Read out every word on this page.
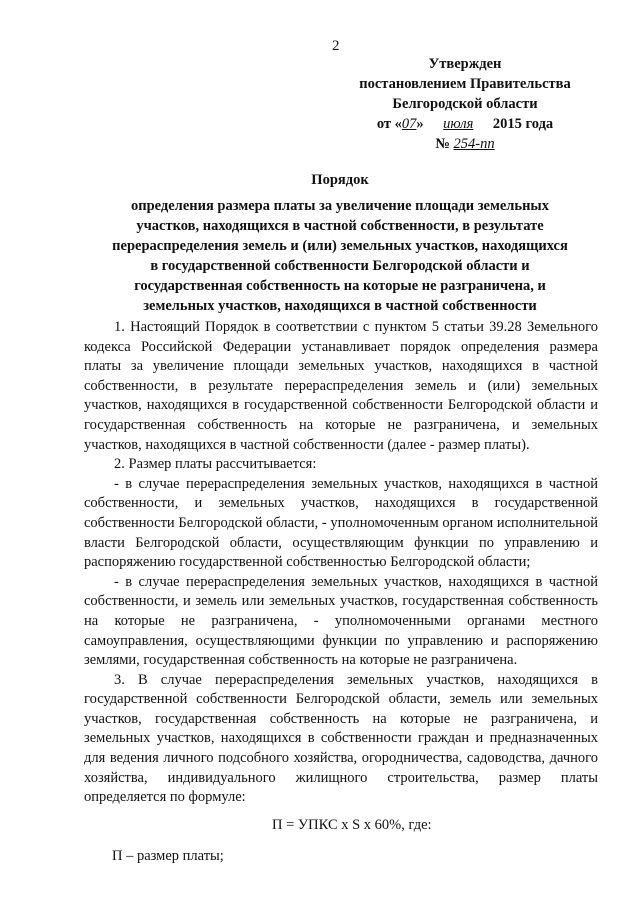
2
Утвержден
постановлением Правительства
Белгородской области
от «07» июля 2015 года
№ 254-пп
Порядок
определения размера платы за увеличение площади земельных
участков, находящихся в частной собственности, в результате
перераспределения земель и (или) земельных участков, находящихся
в государственной собственности Белгородской области и
государственная собственность на которые не разграничена, и
земельных участков, находящихся в частной собственности

1. Настоящий Порядок в соответствии с пунктом 5 статьи 39.28 Земельного кодекса Российской Федерации устанавливает порядок определения размера платы за увеличение площади земельных участков, находящихся в частной собственности, в результате перераспределения земель и (или) земельных участков, находящихся в государственной собственности Белгородской области и государственная собственность на которые не разграничена, и земельных участков, находящихся в частной собственности (далее - размер платы).

2. Размер платы рассчитывается:

- в случае перераспределения земельных участков, находящихся в частной собственности, и земельных участков, находящихся в государственной собственности Белгородской области, - уполномоченным органом исполнительной власти Белгородской области, осуществляющим функции по управлению и распоряжению государственной собственностью Белгородской области;

- в случае перераспределения земельных участков, находящихся в частной собственности, и земель или земельных участков, государственная собственность на которые не разграничена, - уполномоченными органами местного самоуправления, осуществляющими функции по управлению и распоряжению землями, государственная собственность на которые не разграничена.

3. В случае перераспределения земельных участков, находящихся в государственной собственности Белгородской области, земель или земельных участков, государственная собственность на которые не разграничена, и земельных участков, находящихся в собственности граждан и предназначенных для ведения личного подсобного хозяйства, огородничества, садоводства, дачного хозяйства, индивидуального жилищного строительства, размер платы определяется по формуле:

П = УПКС x S x 60%, где:
П – размер платы;
